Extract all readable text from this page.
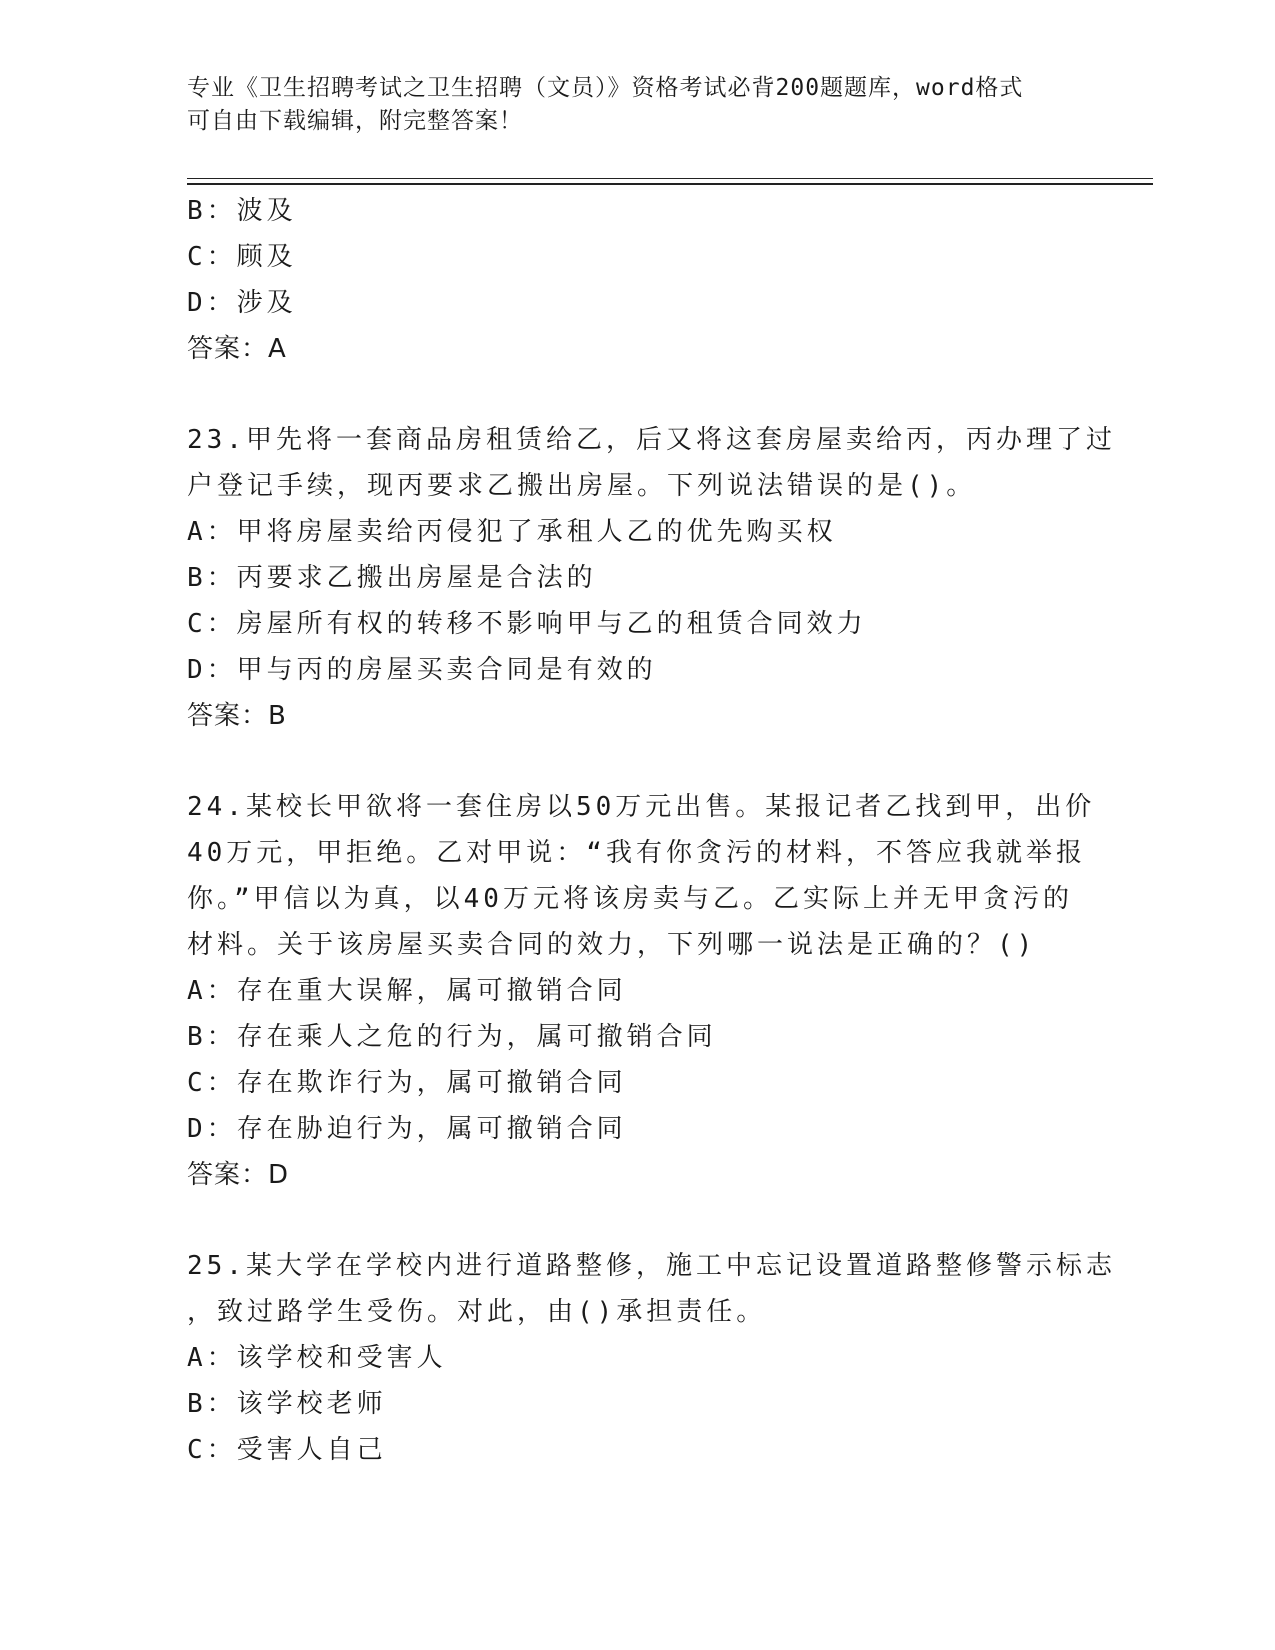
专业《卫生招聘考试之卫生招聘（文员）》资格考试必背200题题库，word格式
可自由下载编辑，附完整答案！
B：波及
C：顾及
D：涉及
答案：A
23.甲先将一套商品房租赁给乙，后又将这套房屋卖给丙，丙办理了过
户登记手续，现丙要求乙搬出房屋。下列说法错误的是()。
A：甲将房屋卖给丙侵犯了承租人乙的优先购买权
B：丙要求乙搬出房屋是合法的
C：房屋所有权的转移不影响甲与乙的租赁合同效力
D：甲与丙的房屋买卖合同是有效的
答案：B
24.某校长甲欲将一套住房以50万元出售。某报记者乙找到甲，出价
40万元，甲拒绝。乙对甲说：“我有你贪污的材料，不答应我就举报
你。”甲信以为真，以40万元将该房卖与乙。乙实际上并无甲贪污的
材料。关于该房屋买卖合同的效力，下列哪一说法是正确的？()
A：存在重大误解，属可撤销合同
B：存在乘人之危的行为，属可撤销合同
C：存在欺诈行为，属可撤销合同
D：存在胁迫行为，属可撤销合同
答案：D
25.某大学在学校内进行道路整修，施工中忘记设置道路整修警示标志
，致过路学生受伤。对此，由()承担责任。
A：该学校和受害人
B：该学校老师
C：受害人自己
